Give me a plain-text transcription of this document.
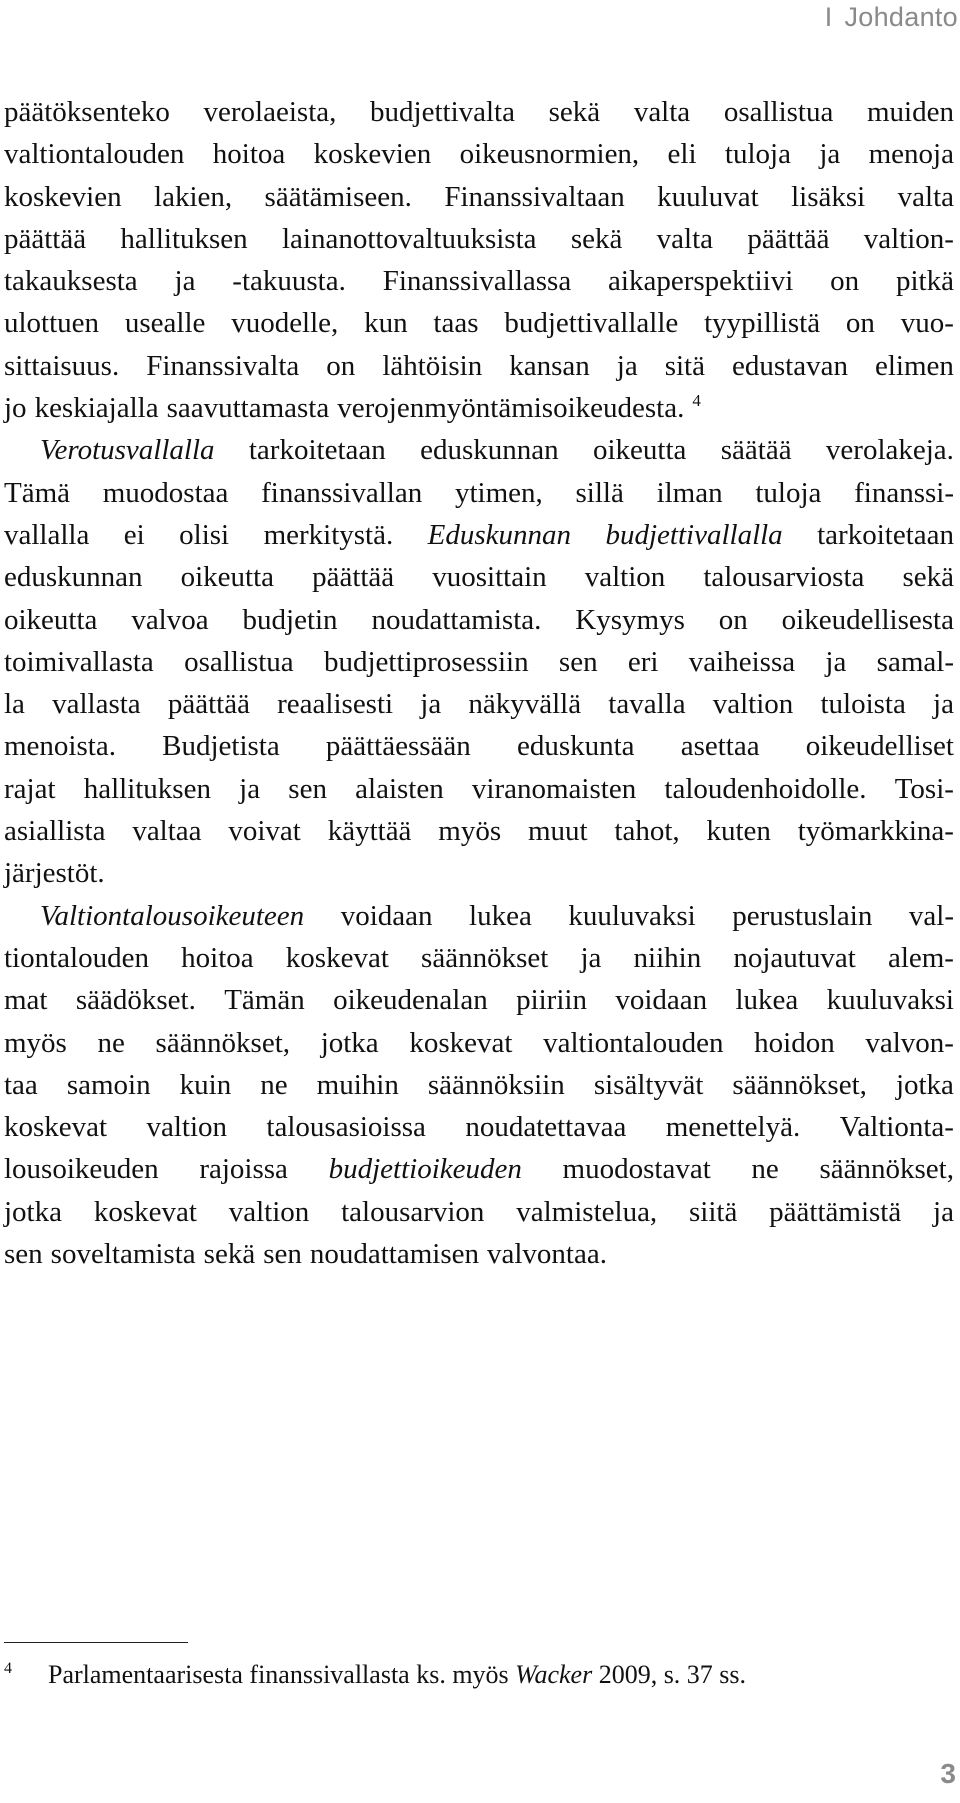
I Johdanto
päätöksenteko verolaeista, budjettivalta sekä valta osallistua muiden
valtiontalouden hoitoa koskevien oikeusnormien, eli tuloja ja menoja
koskevien lakien, säätämiseen. Finanssivaltaan kuuluvat lisäksi valta
päättää hallituksen lainanottovaltuuksista sekä valta päättää valtion-
takauksesta ja -takuusta. Finanssivallassa aikaperspektiivi on pitkä
ulottuen usealle vuodelle, kun taas budjettivallalle tyypillistä on vuo-
sittaisuus. Finanssivalta on lähtöisin kansan ja sitä edustavan elimen
jo keskiajalla saavuttamasta verojenmyöntämisoikeudesta. $^4$
Verotusvallalla tarkoitetaan eduskunnan oikeutta säätää verolakeja.
Tämä muodostaa finanssivallan ytimen, sillä ilman tuloja finanssi-
vallalla ei olisi merkitystä. Eduskunnan budjettivallalla tarkoitetaan
eduskunnan oikeutta päättää vuosittain valtion talousarviosta sekä
oikeutta valvoa budjetin noudattamista. Kysymys on oikeudellisesta
toimivallasta osallistua budjettiprosessiin sen eri vaiheissa ja samal-
la vallasta päättää reaalisesti ja näkyvällä tavalla valtion tuloista ja
menoista. Budjetista päättäessään eduskunta asettaa oikeudelliset
rajat hallituksen ja sen alaisten viranomaisten taloudenhoidolle. Tosi-
asiallista valtaa voivat käyttää myös muut tahot, kuten työmarkkina-
järjestöt.
Valtiontalousoikeuteen voidaan lukea kuuluvaksi perustuslain val-
tiontalouden hoitoa koskevat säännökset ja niihin nojautuvat alem-
mat säädökset. Tämän oikeudenalan piiriin voidaan lukea kuuluvaksi
myös ne säännökset, jotka koskevat valtiontalouden hoidon valvon-
taa samoin kuin ne muihin säännöksiin sisältyvät säännökset, jotka
koskevat valtion talousasioissa noudatettavaa menettelyä. Valtionta-
lousoikeuden rajoissa budjettioikeuden muodostavat ne säännökset,
jotka koskevat valtion talousarvion valmistelua, siitä päättämistä ja
sen soveltamista sekä sen noudattamisen valvontaa.
4 Parlamentaarisesta finanssivallasta ks. myös Wacker 2009, s. 37 ss.
3
